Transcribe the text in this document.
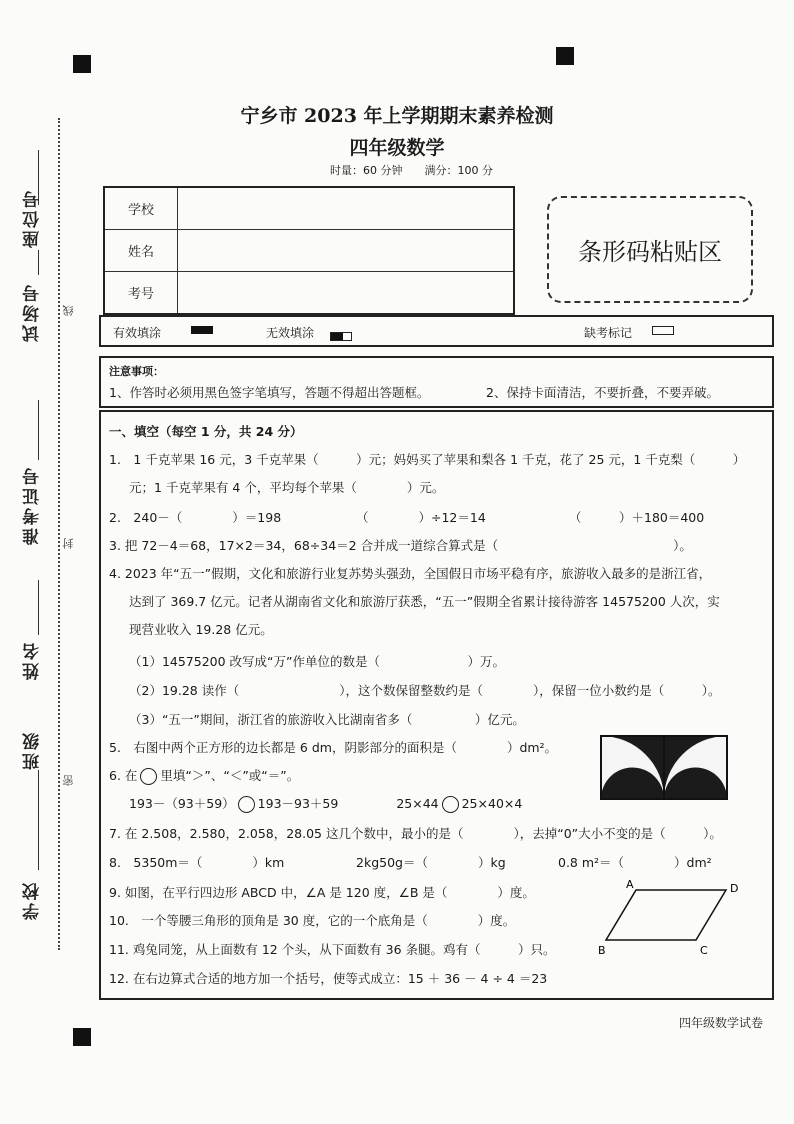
座位号
试场号 线
准考证号 封
姓名
班级
密
学校
宁乡市 2023 年上学期期末素养检测
四年级数学
时量：60 分钟　　满分：100 分
学校	
姓名	
考号	
条形码粘贴区
有效填涂	无效填涂	缺考标记
注意事项：
1、作答时必须用黑色签字笔填写，答题不得超出答题框。	2、保持卡面清洁，不要折叠，不要弄破。
一、填空（每空 1 分，共 24 分）
1.　1 千克苹果 16 元，3 千克苹果（　　　）元；妈妈买了苹果和梨各 1 千克，花了 25 元，1 千克梨（　　　）
元；1 千克苹果有 4 个，平均每个苹果（　　　　）元。
2.　240－（　　　　）＝198	（　　　　）÷12＝14	（　　　）＋180＝400
3. 把 72－4＝68，17×2＝34，68÷34＝2 合并成一道综合算式是（　　　　　　　　　　　　　　）。
4. 2023 年“五一”假期，文化和旅游行业复苏势头强劲，全国假日市场平稳有序，旅游收入最多的是浙江省，
达到了 369.7 亿元。记者从湖南省文化和旅游厅获悉，“五一”假期全省累计接待游客 14575200 人次，实
现营业收入 19.28 亿元。
（1）14575200 改写成“万”作单位的数是（　　　　　　　）万。
（2）19.28 读作（　　　　　　　　），这个数保留整数约是（　　　　），保留一位小数约是（　　　）。
（3）“五一”期间，浙江省的旅游收入比湖南省多（　　　　　）亿元。
5.　右图中两个正方形的边长都是 6 dm，阴影部分的面积是（　　　　）dm²。
6. 在 里填“＞”、“＜”或“＝”。
193－（93＋59） 193－93＋59	25×44 25×40×4
7. 在 2.508，2.580，2.058，28.05 这几个数中，最小的是（　　　　），去掉“0”大小不变的是（　　　）。
8.　5350m＝（　　　　）km	2kg50g＝（　　　　）kg	0.8 m²＝（　　　　）dm²
9. 如图，在平行四边形 ABCD 中，∠A 是 120 度，∠B 是（　　　　）度。
A
B	C
D
10.　一个等腰三角形的顶角是 30 度，它的一个底角是（　　　　）度。
11. 鸡兔同笼，从上面数有 12 个头，从下面数有 36 条腿。鸡有（　　　）只。
12. 在右边算式合适的地方加一个括号，使等式成立：15 ＋ 36 － 4 ÷ 4 ＝23
四年级数学试卷
